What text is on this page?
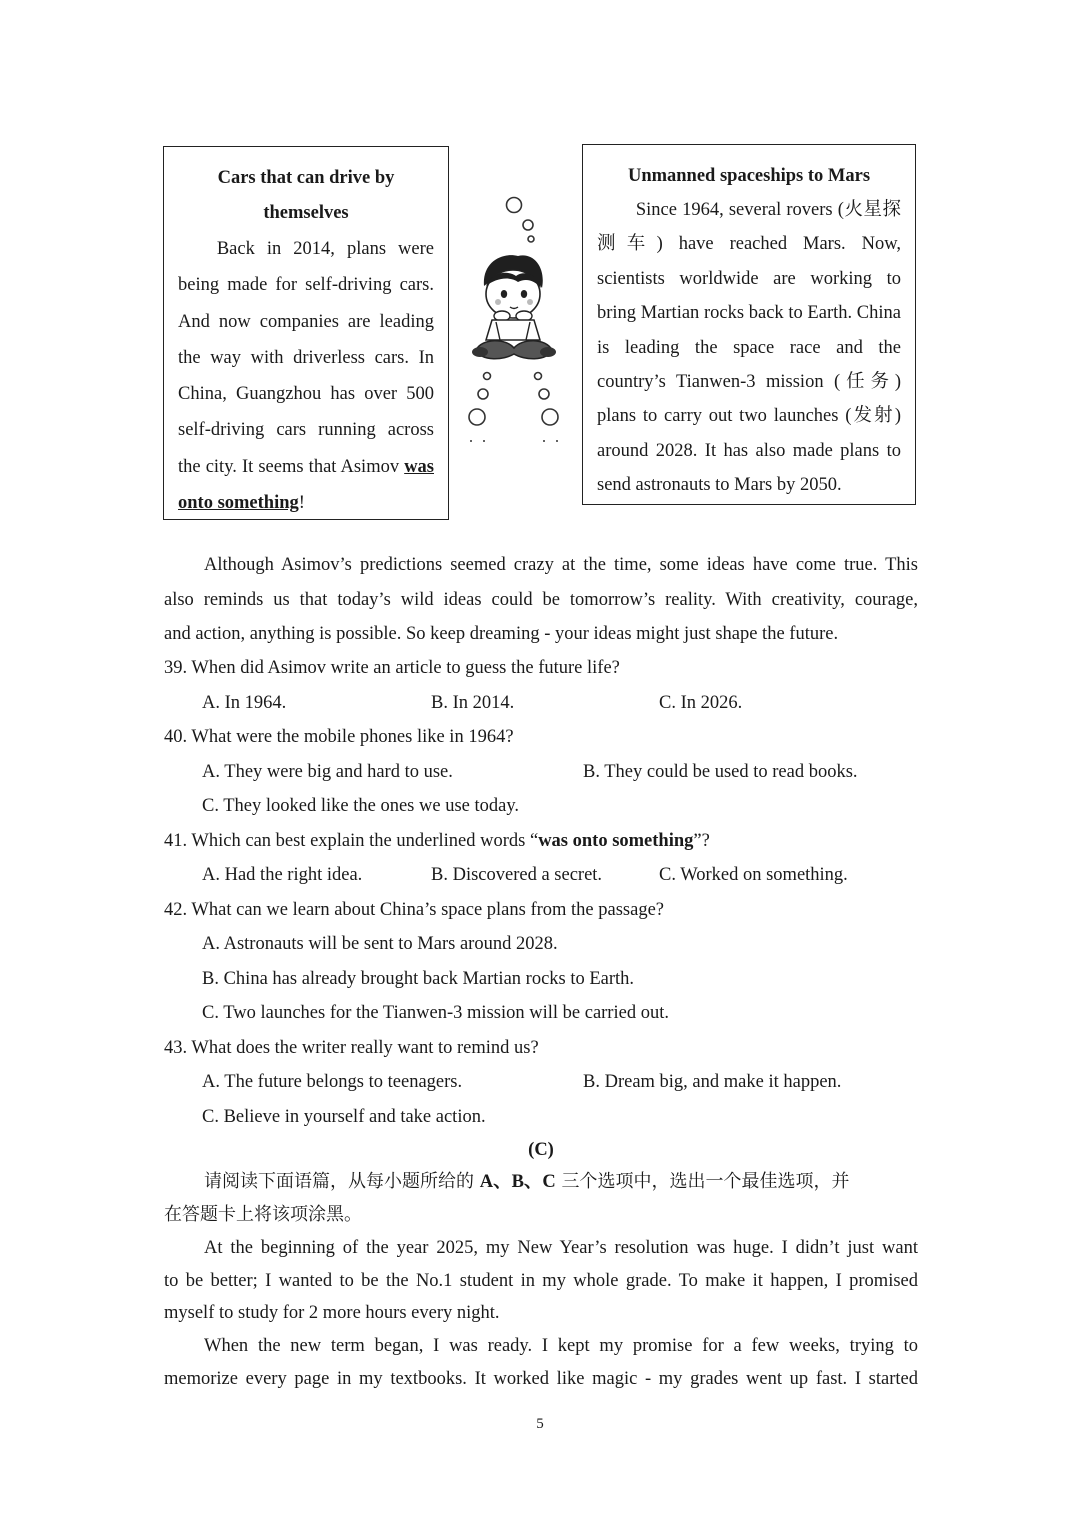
Cars that can drive by
themselves
Back in 2014, plans were being made for self-driving cars. And now companies are leading the way with driverless cars. In China, Guangzhou has over 500 self-driving cars running across the city. It seems that Asimov was onto something!
Unmanned spaceships to Mars
Since 1964, several rovers (火星探测车) have reached Mars. Now, scientists worldwide are working to bring Martian rocks back to Earth. China is leading the space race and the country’s Tianwen-3 mission (任务) plans to carry out two launches (发射) around 2028. It has also made plans to send astronauts to Mars by 2050.
Although Asimov’s predictions seemed crazy at the time, some ideas have come true. This
also reminds us that today’s wild ideas could be tomorrow’s reality. With creativity, courage,
and action, anything is possible. So keep dreaming - your ideas might just shape the future.
39. When did Asimov write an article to guess the future life?
A. In 1964.	B. In 2014.	C. In 2026.
40. What were the mobile phones like in 1964?
A. They were big and hard to use.	B. They could be used to read books.
C. They looked like the ones we use today.
41. Which can best explain the underlined words “was onto something”?
A. Had the right idea.	B. Discovered a secret.	C. Worked on something.
42. What can we learn about China’s space plans from the passage?
A. Astronauts will be sent to Mars around 2028.
B. China has already brought back Martian rocks to Earth.
C. Two launches for the Tianwen-3 mission will be carried out.
43. What does the writer really want to remind us?
A. The future belongs to teenagers.	B. Dream big, and make it happen.
C. Believe in yourself and take action.
(C)
请阅读下面语篇，从每小题所给的 A、B、C 三个选项中，选出一个最佳选项，并
在答题卡上将该项涂黑。
At the beginning of the year 2025, my New Year’s resolution was huge. I didn’t just want
to be better; I wanted to be the No.1 student in my whole grade. To make it happen, I promised
myself to study for 2 more hours every night.
When the new term began, I was ready. I kept my promise for a few weeks, trying to
memorize every page in my textbooks. It worked like magic - my grades went up fast. I started
5
